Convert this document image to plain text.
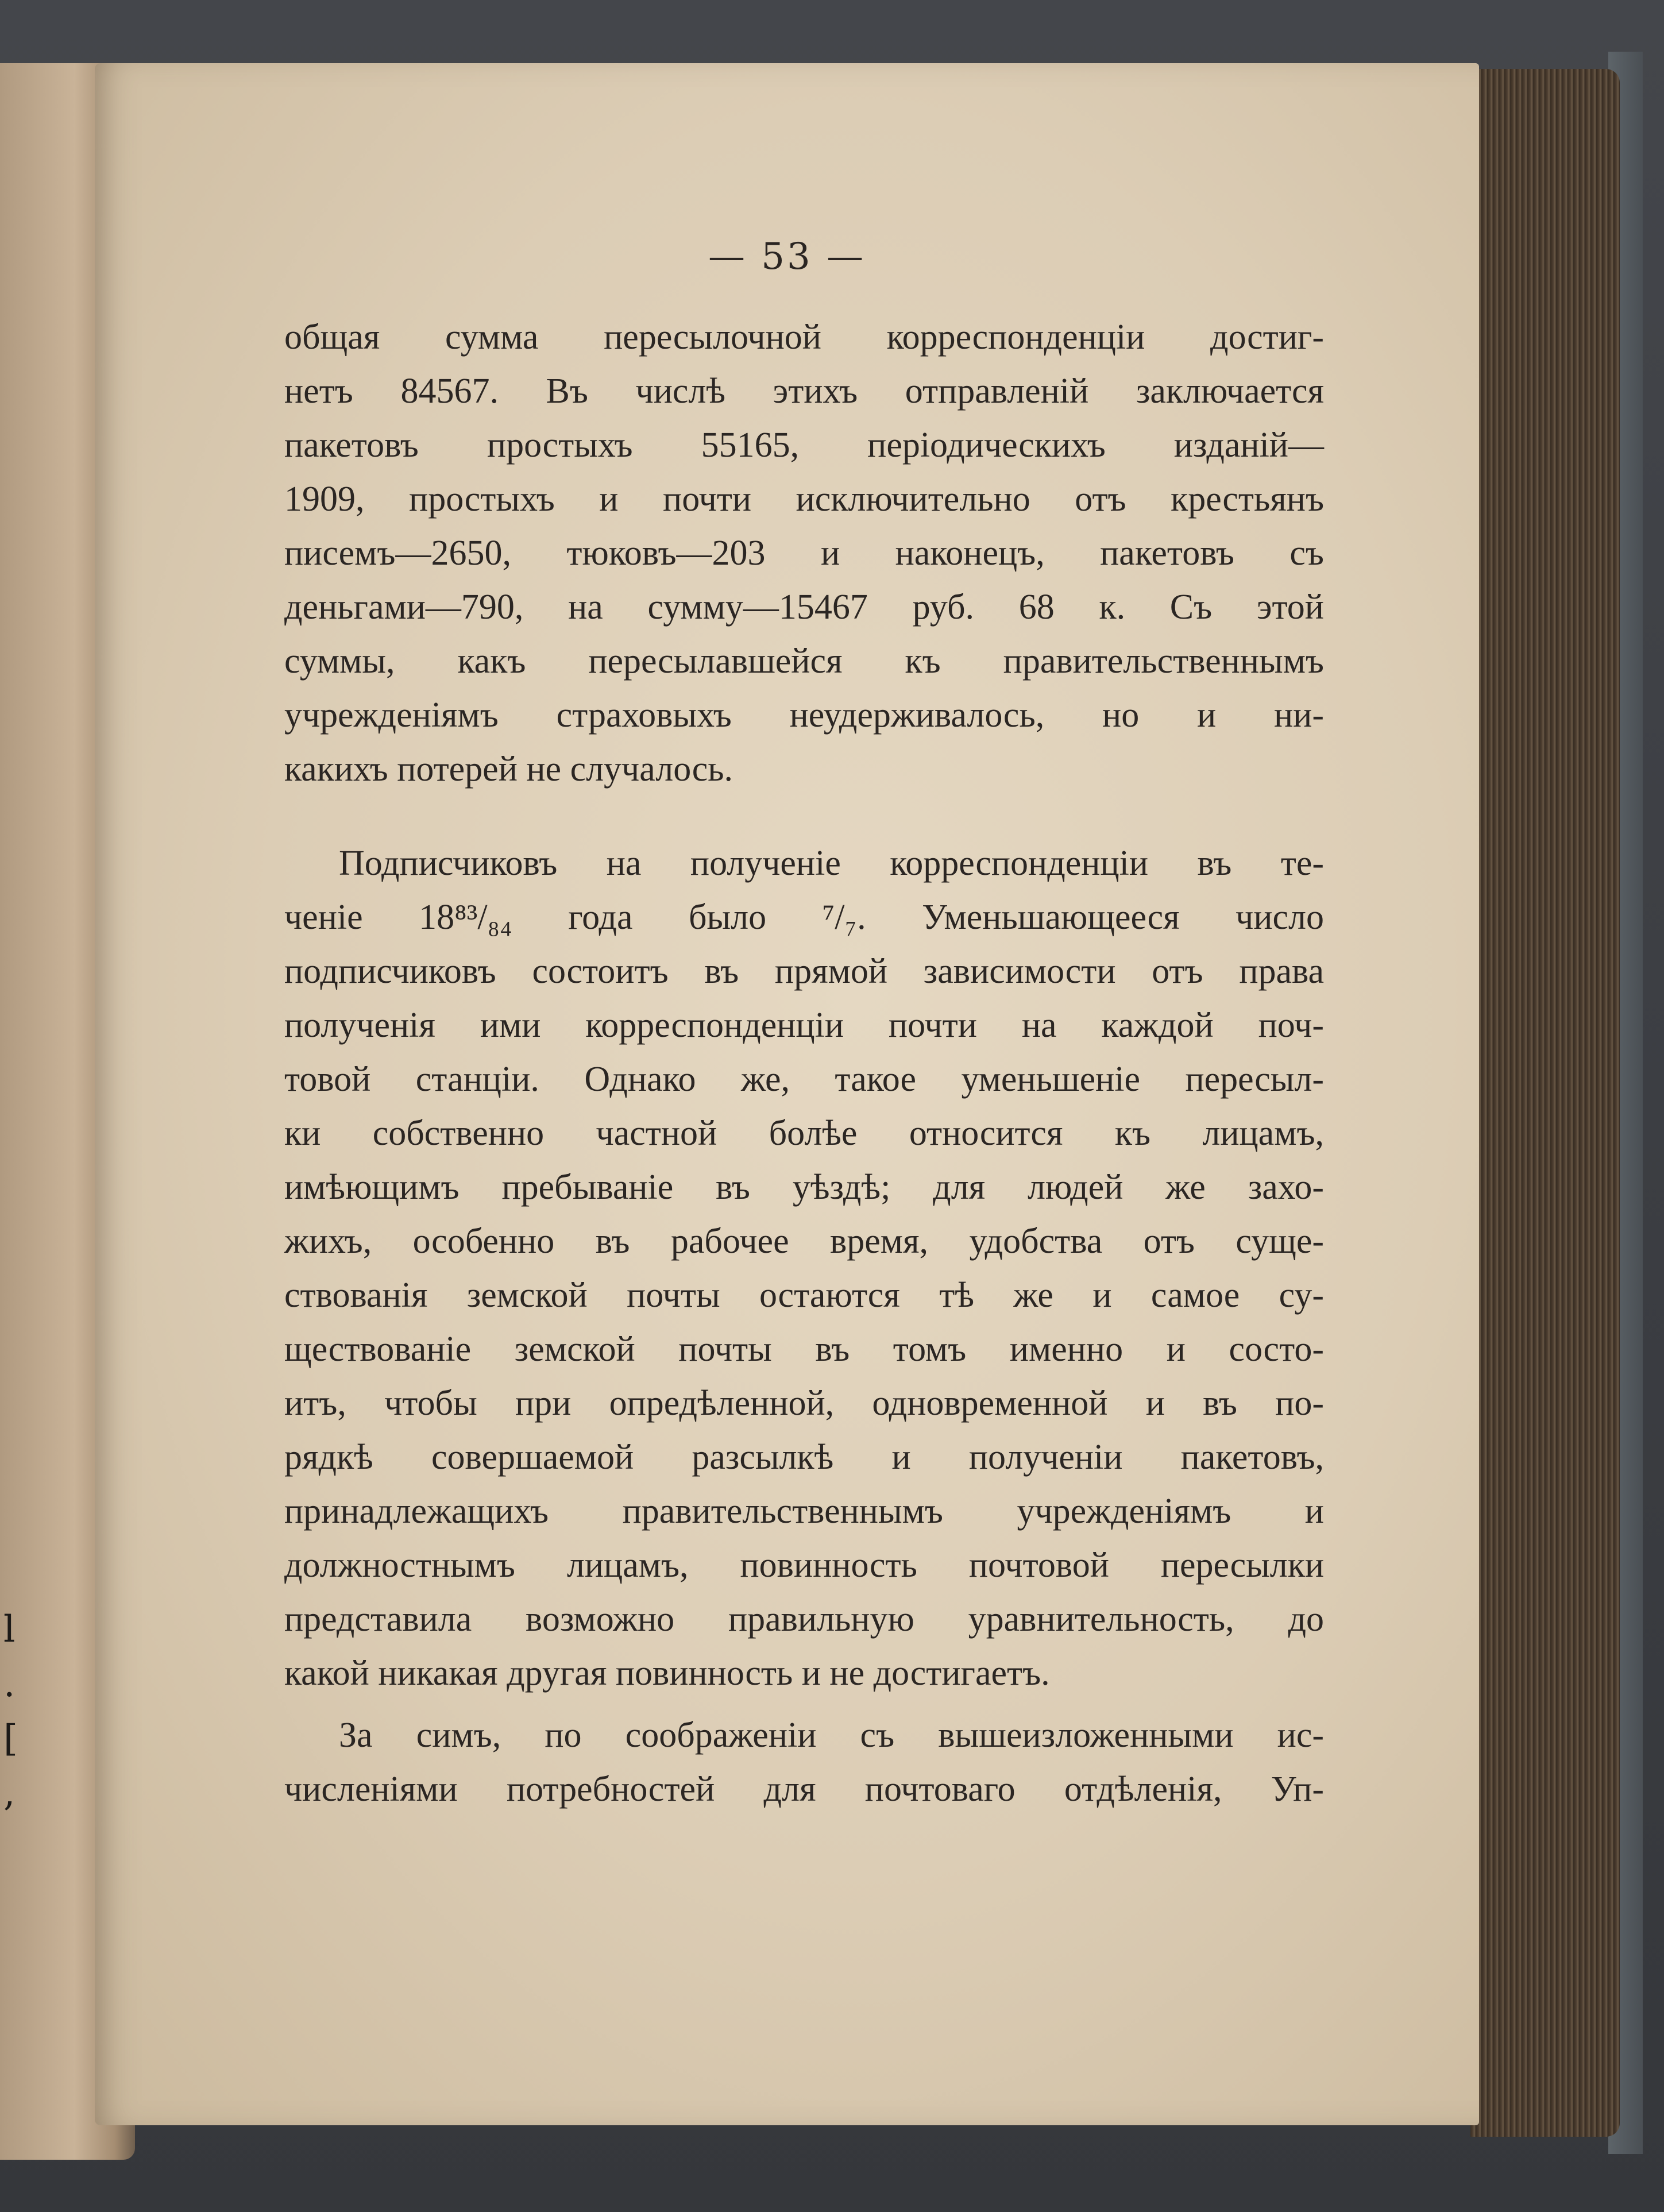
l
.
[
,
— 53 —
общая сумма пересылочной корреспонденціи достиг-
нетъ 84567. Въ числѣ этихъ отправленій заключается
пакетовъ простыхъ 55165, періодическихъ изданій—
1909, простыхъ и почти исключительно отъ крестьянъ
писемъ—2650, тюковъ—203 и наконецъ, пакетовъ съ
деньгами—790, на сумму—15467 руб. 68 к. Съ этой
суммы, какъ пересылавшейся къ правительственнымъ
учрежденіямъ страховыхъ неудерживалось, но и ни-
какихъ потерей не случалось.
Подписчиковъ на полученіе корреспонденціи въ те-
ченіе 18⁸³/₈₄ года было ⁷/₇. Уменьшающееся число
подписчиковъ состоитъ въ прямой зависимости отъ права
полученія ими корреспонденціи почти на каждой поч-
товой станціи. Однако же, такое уменьшеніе пересыл-
ки собственно частной болѣе относится къ лицамъ,
имѣющимъ пребываніе въ уѣздѣ; для людей же захо-
жихъ, особенно въ рабочее время, удобства отъ суще-
ствованія земской почты остаются тѣ же и самое су-
ществованіе земской почты въ томъ именно и состо-
итъ, чтобы при опредѣленной, одновременной и въ по-
рядкѣ совершаемой разсылкѣ и полученіи пакетовъ,
принадлежащихъ правительственнымъ учрежденіямъ и
должностнымъ лицамъ, повинность почтовой пересылки
представила возможно правильную уравнительность, до
какой никакая другая повинность и не достигаетъ.
За симъ, по соображеніи съ вышеизложенными ис-
численіями потребностей для почтоваго отдѣленія, Уп-
